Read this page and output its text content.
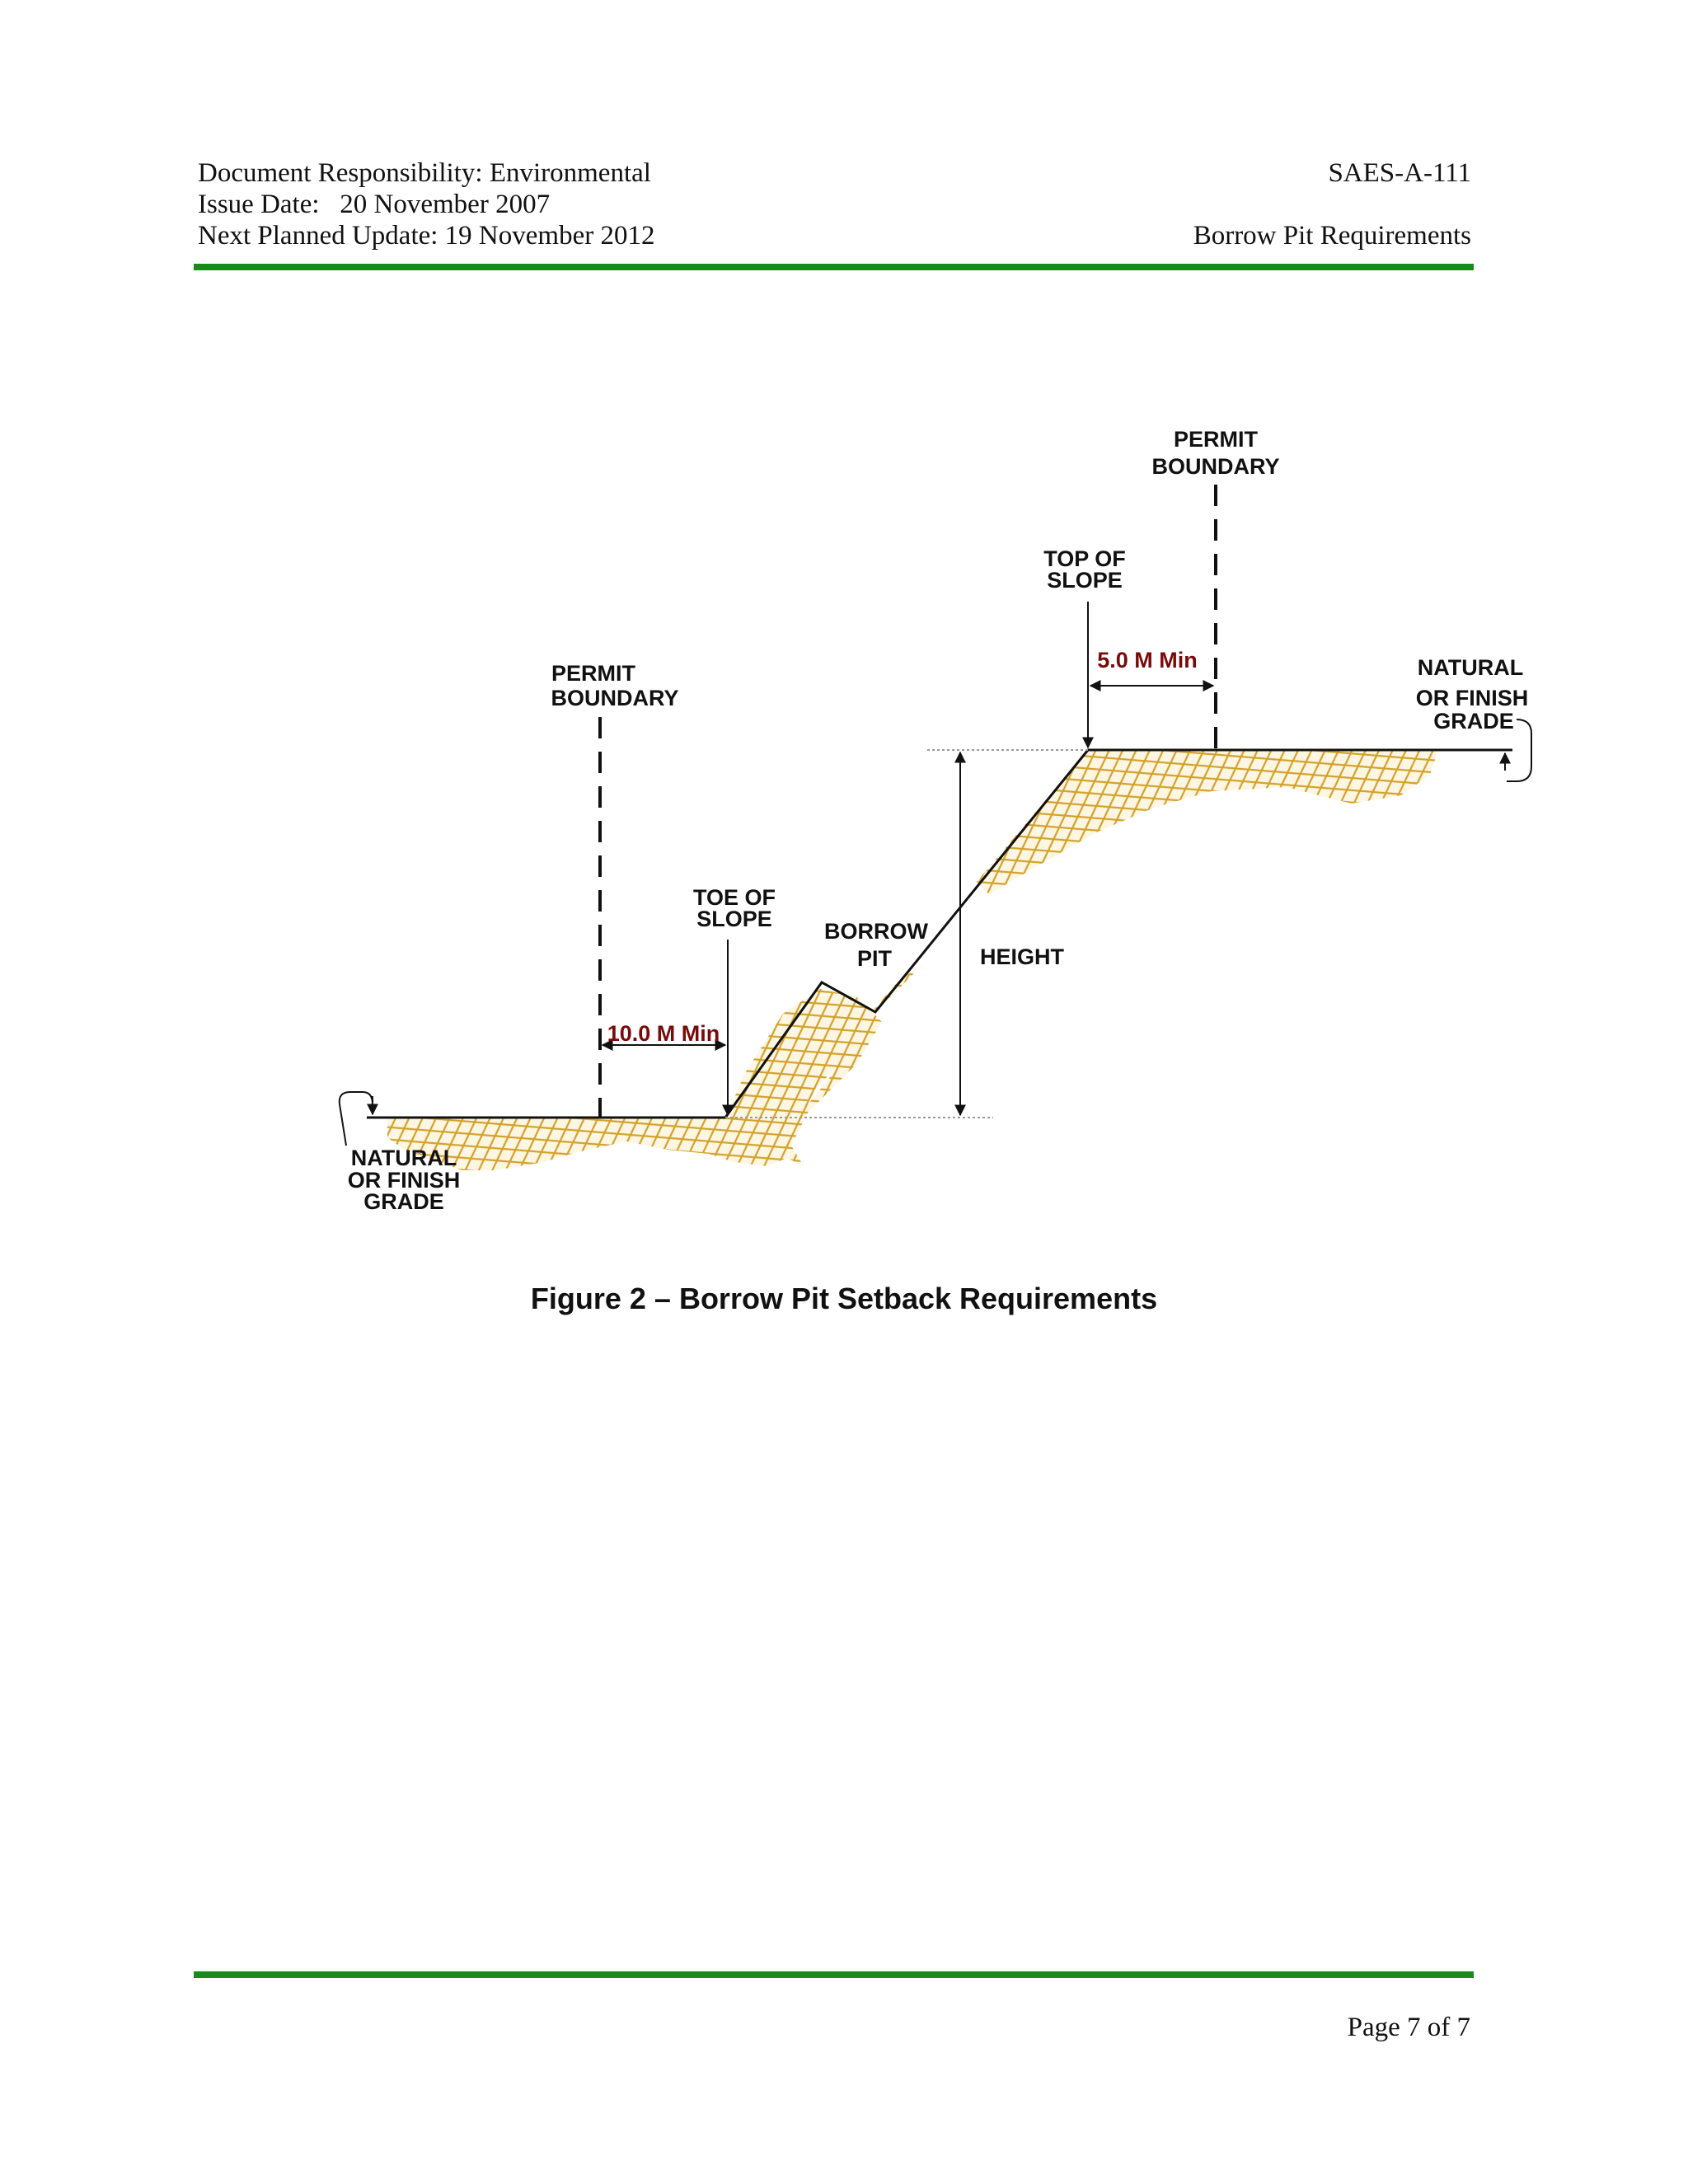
Document Responsibility: Environmental
Issue Date:   20 November 2007
Next Planned Update: 19 November 2012
SAES-A-111
Borrow Pit Requirements
PERMIT
BOUNDARY
TOP OF
SLOPE
5.0 M Min	NATURAL
OR FINISH
GRADE
PERMIT
BOUNDARY
TOE OF
SLOPE BORROW
PIT	HEIGHT
10.0 M Min
NATURAL
OR FINISH
GRADE
Figure 2 – Borrow Pit Setback Requirements
Page 7 of 7
